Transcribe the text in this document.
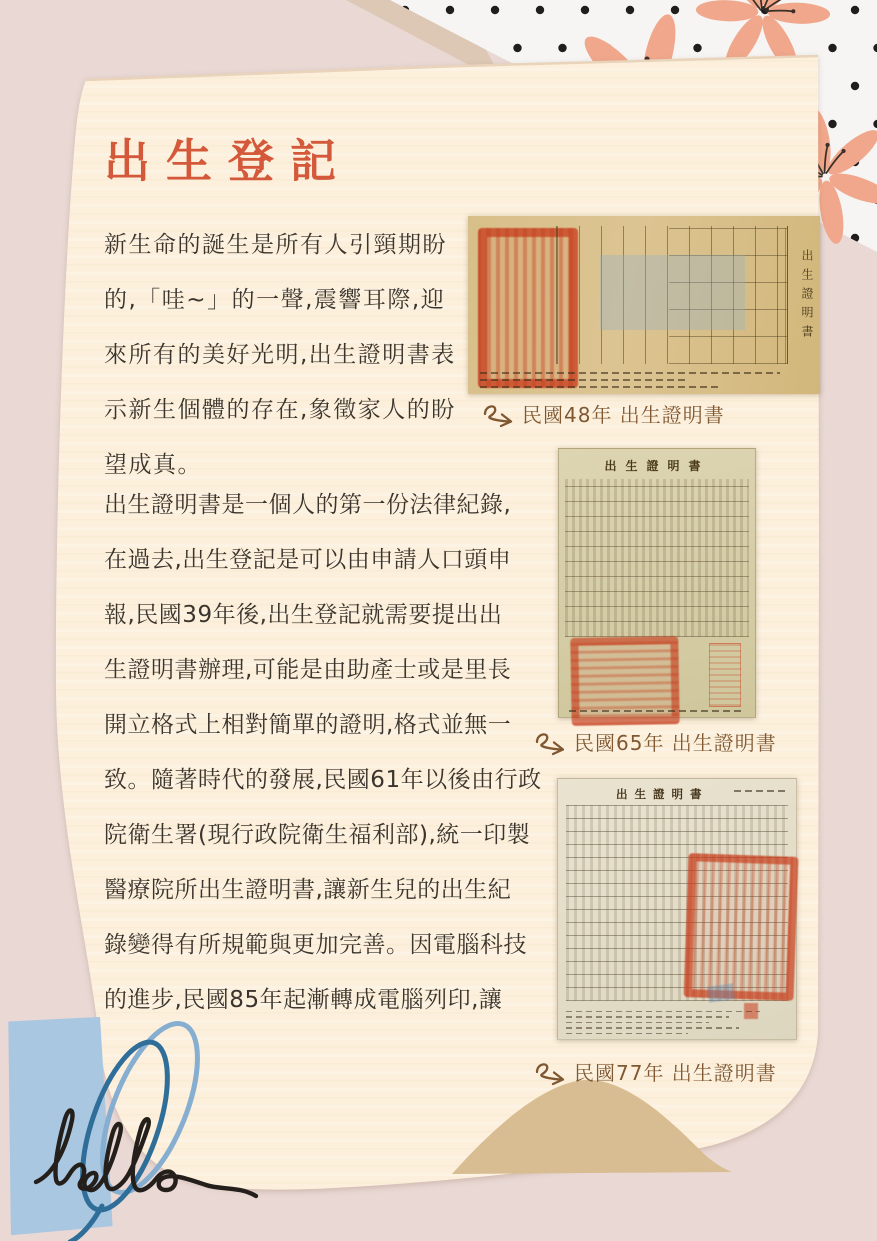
出生登記
新生命的誕生是所有人引頸期盼
的,「哇~」的一聲,震響耳際,迎
來所有的美好光明,出生證明書表
示新生個體的存在,象徵家人的盼
望成真。
出生證明書是一個人的第一份法律紀錄,
在過去,出生登記是可以由申請人口頭申
報,民國39年後,出生登記就需要提出出
生證明書辦理,可能是由助產士或是里長
開立格式上相對簡單的證明,格式並無一
致。隨著時代的發展,民國61年以後由行政
院衛生署(現行政院衛生福利部),統一印製
醫療院所出生證明書,讓新生兒的出生紀
錄變得有所規範與更加完善。因電腦科技
的進步,民國85年起漸轉成電腦列印,讓
出生證明書
民國48年 出生證明書
出生證明書
民國65年 出生證明書
出生證明書
民國77年 出生證明書
